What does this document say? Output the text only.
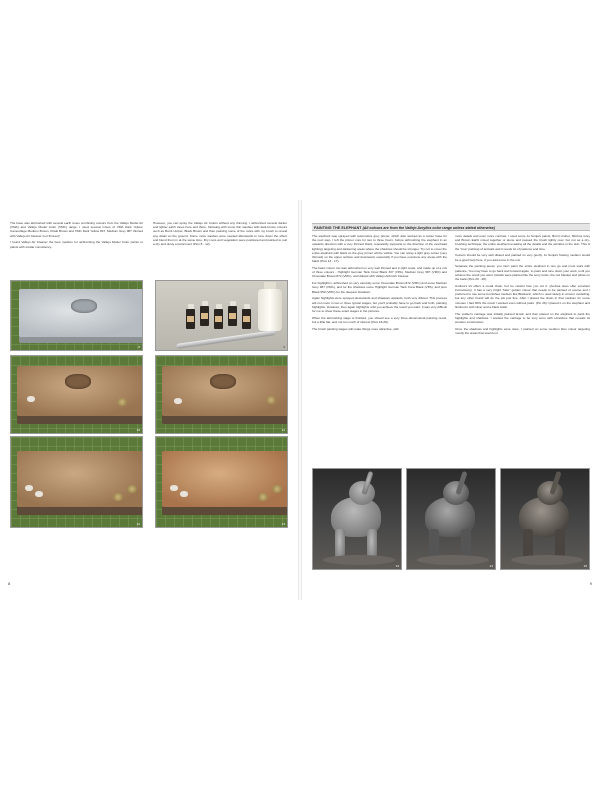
The base was airbrushed with several earth tones combining colours from the Vallejo Model Air (VMA) and Vallejo Model Color (VMC) range. I used several mixes of VMA Dark Yellow, Camouflage Medium Brown, Khaki Brown and VMC Dark Yellow 847, Medium Grey 987 thinned with Vallejo Air Cleaner (not thinner)!

I found Vallejo Air Cleaner the best medium for airbrushing the Vallejo Model Color paints or paints with similar consistency.

However, you can spray the Vallejo Air Colors without any thinning. I airbrushed several darker and lighter earth tones here and there, following with some thin washes with dark brown colours such as Burnt Umber, Black Brown and then painting some of the rocks with my brush to reveal any detail on the ground. Some more washes were needed afterwards to tone down the effect and blend them in at the same time. Dry roots and vegetation were positioned and painted to suit a dry and dusty environment (Pics 8 - 12).

8	9
10	11
12	13
8
PAINTING THE ELEPHANT (All colours are from the Vallejo Acrylics color range unless stated otherwise)

The elephant was sprayed with automotive grey primer, which also worked as a colour base for the next step. I left the primer cure for two to three hours, before airbrushing the elephant in an upwards direction with a very thinned black, repeatedly (opposite to the direction of the overhead lighting) targeting and darkening areas where the shadows should be stronger. Try not to cover the entire elephant with black so the grey primer will be visible. You can spray a light grey colour (very thinned) on the upper surface and downward, especially if you have overdone any areas with the black (Pics 13 - 17).

The basic colour mix was airbrushed on very well thinned and in light coats, and made up of a mix of three colours - Highlight German Tank Crew Black 337 (VPA), Medium Grey 987 (VMC) and Chocolate Brown 872 (VMC), well diluted with Vallejo Airbrush Cleaner.

For highlights I airbrushed on very carefully some Chocolate Brown 872 (VMC) and some Medium Grey 987 (VMC), and for the shadows some Highlight German Tank Crew Black (VPA), and pure Black 950 (VMC) for the deepest shadows.

Again highlights were sprayed downwards and shadows upwards, both very diluted. This process will not cover in two or three typical stages, but you'll probably have to go back and forth, painting highlights, shadows, then again highlights until you achieve the result you want. It was very difficult for me to show these exact stages in the pictures.

When the airbrushing stage is finished, you should see a very three-dimensional painting result, but a little flat, and not too much of interest (Pics 18-29).

The brush painting stages will make things more attractive, with

more details and even more contrast. I used some Jo Sonja's paints, Burnt Umber, Nimbus Grey and Brown Earth mixed together or alone and passed the brush lightly over, but not as a dry-brushing technique; the entire elephant revealing all the details and the wrinkles in the skin. This is the "true" painting of animals and it needs lot of patience and time.

Colours should be very well diluted and painted on very gently. Jo Sonja's flowing medium would be a good help here, if you add some in the mix.

Separate the painting areas; you can't paint the entire elephant in one go and must work with patience. You may have to go back and forward again, to paint and tone down your work, until you achieve the result you want. Details were painted like the ivory tusks, the red blanket and pillow on the back (Pics 20 - 28).

Andrea's kit offers a metal chain, but be careful how you cut it. (Andrea does offer excellent instructions). It has a very bright "fake" golden colour that needs to be painted of course and I preferred to use some burnished medium like Blackenit, which is used widely in armour modelling, but any other brand will do the job just fine. After I placed the chain in that medium for some minutes I had 90% the result I wanted even without paint. (Pic 29) I placed it on the elephant and finished it with silver and a black wash.

The soldier's carriage was initially painted brown and then placed on the elephant to paint the highlights and shadows. I wanted the carriage to be very worn with scratches that reveals its wooden construction.

Once the shadows and highlights were done, I painted on some medium blue colour targeting mostly the areas that would not

13	14	15
9
